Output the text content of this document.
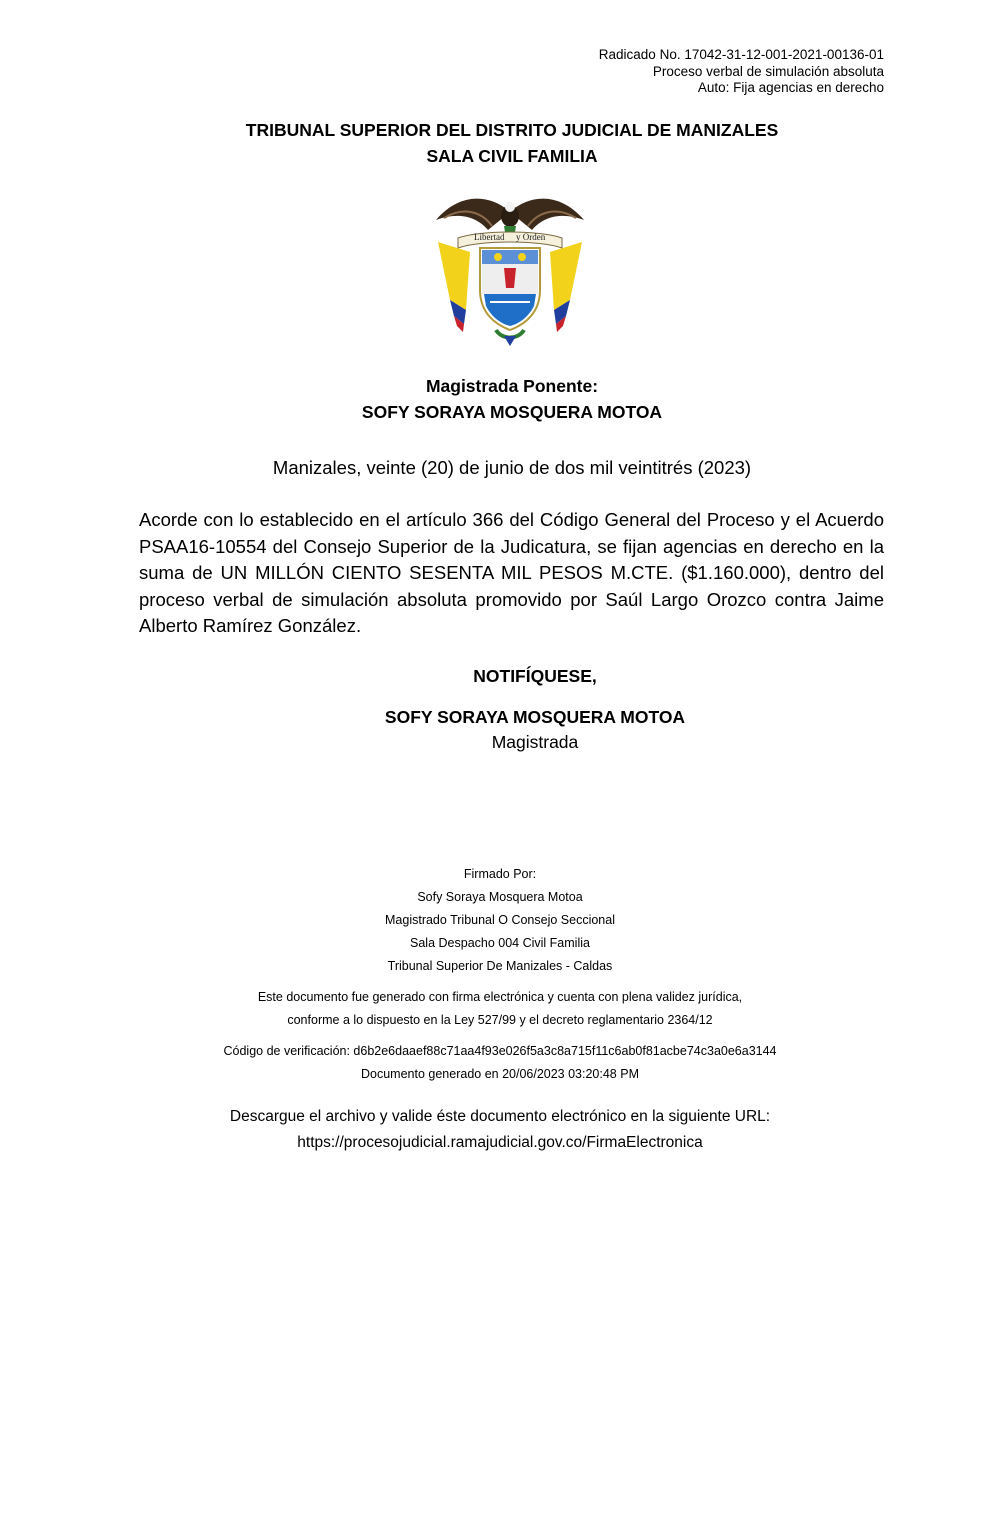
Radicado No. 17042-31-12-001-2021-00136-01
Proceso verbal de simulación absoluta
Auto: Fija agencias en derecho
TRIBUNAL SUPERIOR DEL DISTRITO JUDICIAL DE MANIZALES
SALA CIVIL FAMILIA
Libertad y Orden
Magistrada Ponente:
SOFY SORAYA MOSQUERA MOTOA
Manizales, veinte (20) de junio de dos mil veintitrés (2023)
Acorde con lo establecido en el artículo 366 del Código General del Proceso y el Acuerdo PSAA16-10554 del Consejo Superior de la Judicatura, se fijan agencias en derecho en la suma de UN MILLÓN CIENTO SESENTA MIL PESOS M.CTE. ($1.160.000), dentro del proceso verbal de simulación absoluta promovido por Saúl Largo Orozco contra Jaime Alberto Ramírez González.
NOTIFÍQUESE,
SOFY SORAYA MOSQUERA MOTOA
Magistrada
Firmado Por:
Sofy Soraya Mosquera Motoa
Magistrado Tribunal O Consejo Seccional
Sala Despacho 004 Civil Familia
Tribunal Superior De Manizales - Caldas
Este documento fue generado con firma electrónica y cuenta con plena validez jurídica,
conforme a lo dispuesto en la Ley 527/99 y el decreto reglamentario 2364/12
Código de verificación: d6b2e6daaef88c71aa4f93e026f5a3c8a715f11c6ab0f81acbe74c3a0e6a3144
Documento generado en 20/06/2023 03:20:48 PM
Descargue el archivo y valide éste documento electrónico en la siguiente URL:
https://procesojudicial.ramajudicial.gov.co/FirmaElectronica
